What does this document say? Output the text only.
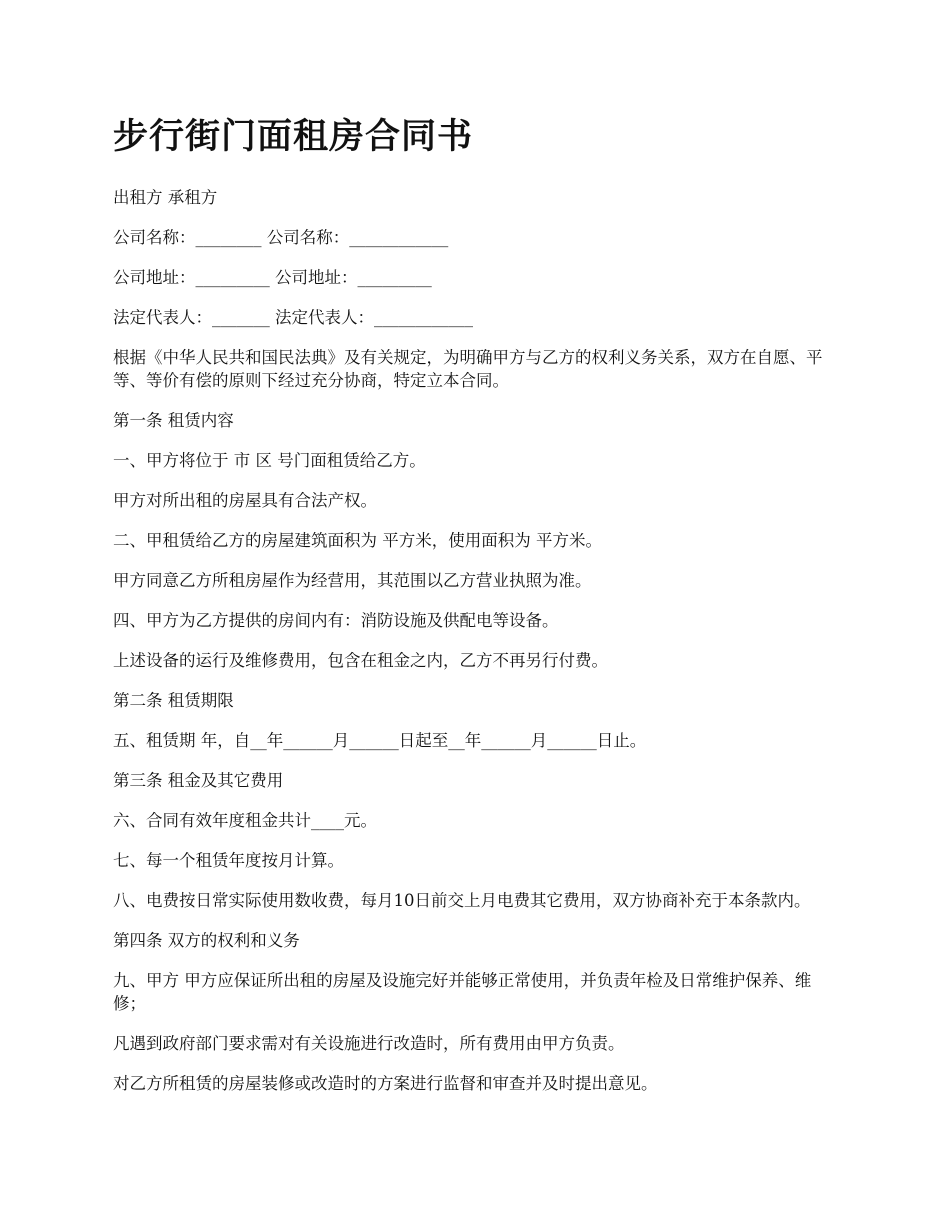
步行街门面租房合同书

出租方 承租方

公司名称：________ 公司名称：____________

公司地址：_________ 公司地址：_________

法定代表人：_______ 法定代表人：____________

根据《中华人民共和国民法典》及有关规定，为明确甲方与乙方的权利义务关系，双方在自愿、平等、等价有偿的原则下经过充分协商，特定立本合同。

第一条 租赁内容

一、甲方将位于 市 区 号门面租赁给乙方。

甲方对所出租的房屋具有合法产权。

二、甲租赁给乙方的房屋建筑面积为 平方米，使用面积为 平方米。

甲方同意乙方所租房屋作为经营用，其范围以乙方营业执照为准。

四、甲方为乙方提供的房间内有：消防设施及供配电等设备。

上述设备的运行及维修费用，包含在租金之内，乙方不再另行付费。

第二条 租赁期限

五、租赁期 年，自__年______月______日起至__年______月______日止。

第三条 租金及其它费用

六、合同有效年度租金共计____元。

七、每一个租赁年度按月计算。

八、电费按日常实际使用数收费，每月10日前交上月电费其它费用，双方协商补充于本条款内。

第四条 双方的权利和义务

九、甲方 甲方应保证所出租的房屋及设施完好并能够正常使用，并负责年检及日常维护保养、维修；

凡遇到政府部门要求需对有关设施进行改造时，所有费用由甲方负责。

对乙方所租赁的房屋装修或改造时的方案进行监督和审查并及时提出意见。
